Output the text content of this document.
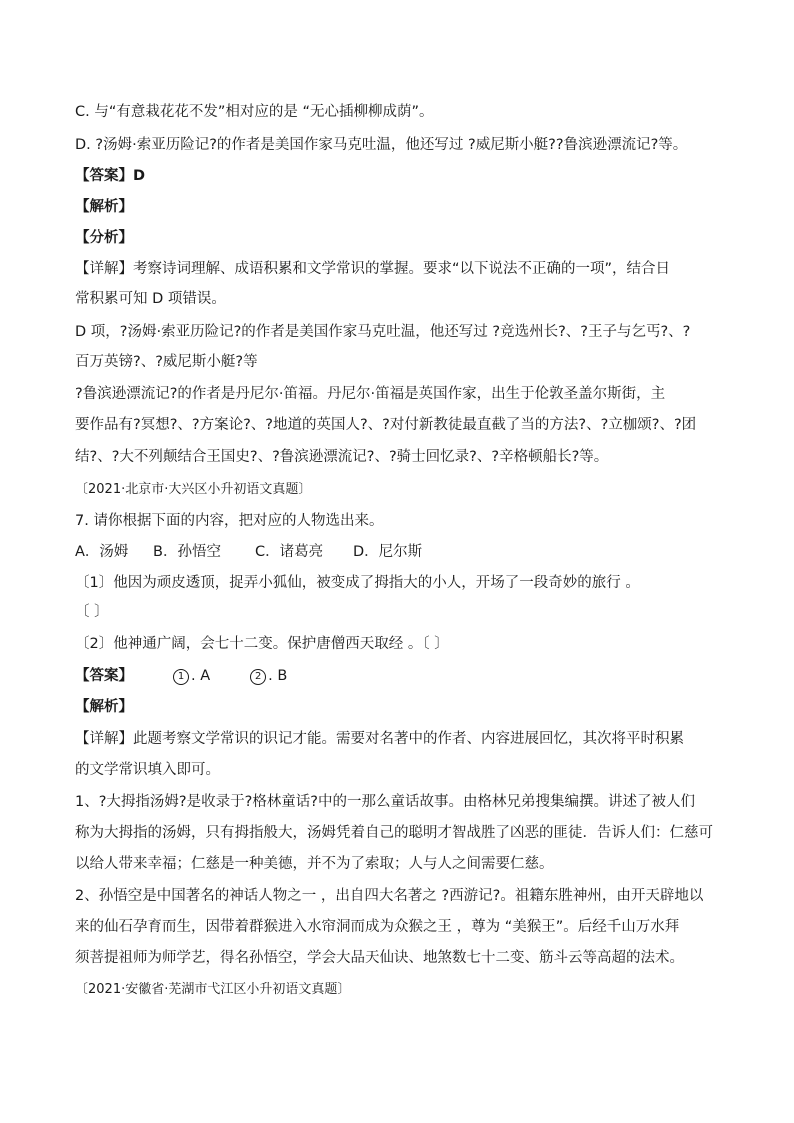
C. 与“有意栽花花不发”相对应的是 “无心插柳柳成荫”。
D. ?汤姆·索亚历险记?的作者是美国作家马克吐温，他还写过 ?威尼斯小艇??鲁滨逊漂流记?等。
【答案】D
【解析】
【分析】
【详解】考察诗词理解、成语积累和文学常识的掌握。要求“以下说法不正确的一项”，结合日
常积累可知 D 项错误。
D 项，?汤姆·索亚历险记?的作者是美国作家马克吐温，他还写过 ?竞选州长?、?王子与乞丐?、?
百万英镑?、?威尼斯小艇?等
?鲁滨逊漂流记?的作者是丹尼尔·笛福。丹尼尔·笛福是英国作家，出生于伦敦圣盖尔斯街，主
要作品有?冥想?、?方案论?、?地道的英国人?、?对付新教徒最直截了当的方法?、?立枷颂?、?团
结?、?大不列颠结合王国史?、?鲁滨逊漂流记?、?骑士回忆录?、?辛格顿船长?等。
〔2021·北京市·大兴区小升初语文真题〕
7. 请你根据下面的内容，把对应的人物选出来。
A．汤姆 B．孙悟空 C．诸葛亮 D．尼尔斯
〔1〕他因为顽皮透顶，捉弄小狐仙，被变成了拇指大的小人，开场了一段奇妙的旅行 。
〔 〕
〔2〕他神通广阔，会七十二变。保护唐僧西天取经 。〔 〕
【答案】	1 . A	2 . B
【解析】
【详解】此题考察文学常识的识记才能。需要对名著中的作者、内容进展回忆，其次将平时积累
的文学常识填入即可。
1、?大拇指汤姆?是收录于?格林童话?中的一那么童话故事。由格林兄弟搜集编撰。讲述了被人们
称为大拇指的汤姆，只有拇指般大，汤姆凭着自己的聪明才智战胜了凶恶的匪徒．告诉人们：仁慈可
以给人带来幸福；仁慈是一种美德，并不为了索取；人与人之间需要仁慈。
2、孙悟空是中国著名的神话人物之一 ，出自四大名著之 ?西游记?。祖籍东胜神州，由开天辟地以
来的仙石孕育而生，因带着群猴进入水帘洞而成为众猴之王 ，尊为 “美猴王”。后经千山万水拜
须菩提祖师为师学艺，得名孙悟空，学会大品天仙诀、地煞数七十二变、筋斗云等高超的法术。
〔2021·安徽省·芜湖市弋江区小升初语文真题〕
